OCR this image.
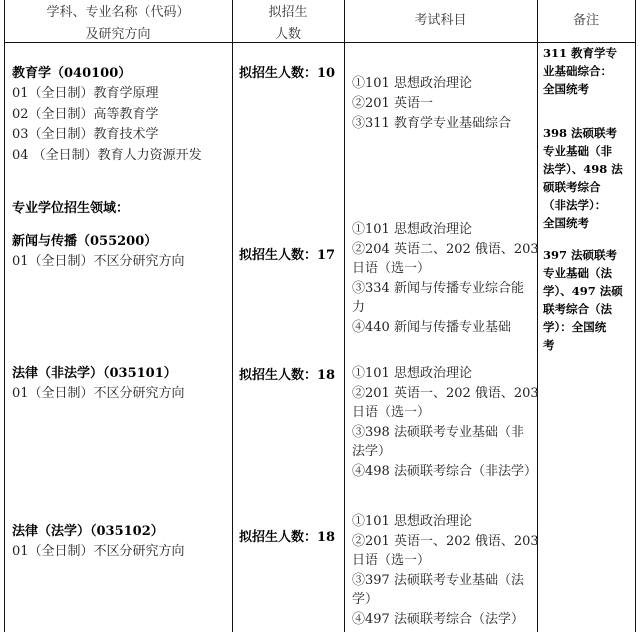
学科、专业名称（代码）
及研究方向
拟招生
人数
考试科目	备注
教育学（040100）
01（全日制）教育学原理
02（全日制）高等教育学
03（全日制）教育技术学
04 （全日制）教育人力资源开发
拟招生人数：10
①101 思想政治理论
②201 英语一
③311 教育学专业基础综合
专业学位招生领域：
新闻与传播（055200）
01（全日制）不区分研究方向	拟招生人数：17
①101 思想政治理论
②204 英语二、202 俄语、203
日语（选一）
③334 新闻与传播专业综合能
力
④440 新闻与传播专业基础
法律（非法学）（035101）
01（全日制）不区分研究方向
拟招生人数：18 ①101 思想政治理论
②201 英语一、202 俄语、203
日语（选一）
③398 法硕联考专业基础（非
法学）
④498 法硕联考综合（非法学）
法律（法学）（035102）
01（全日制）不区分研究方向
拟招生人数：18
①101 思想政治理论
②201 英语一、202 俄语、203
日语（选一）
③397 法硕联考专业基础（法
学）
④497 法硕联考综合（法学）
311 教育学专
业基础综合：
全国统考
398 法硕联考
专业基础（非
法学）、498 法
硕联考综合
（非法学）：
全国统考
397 法硕联考
专业基础（法
学）、497 法硕
联考综合（法
学）：全国统
考
